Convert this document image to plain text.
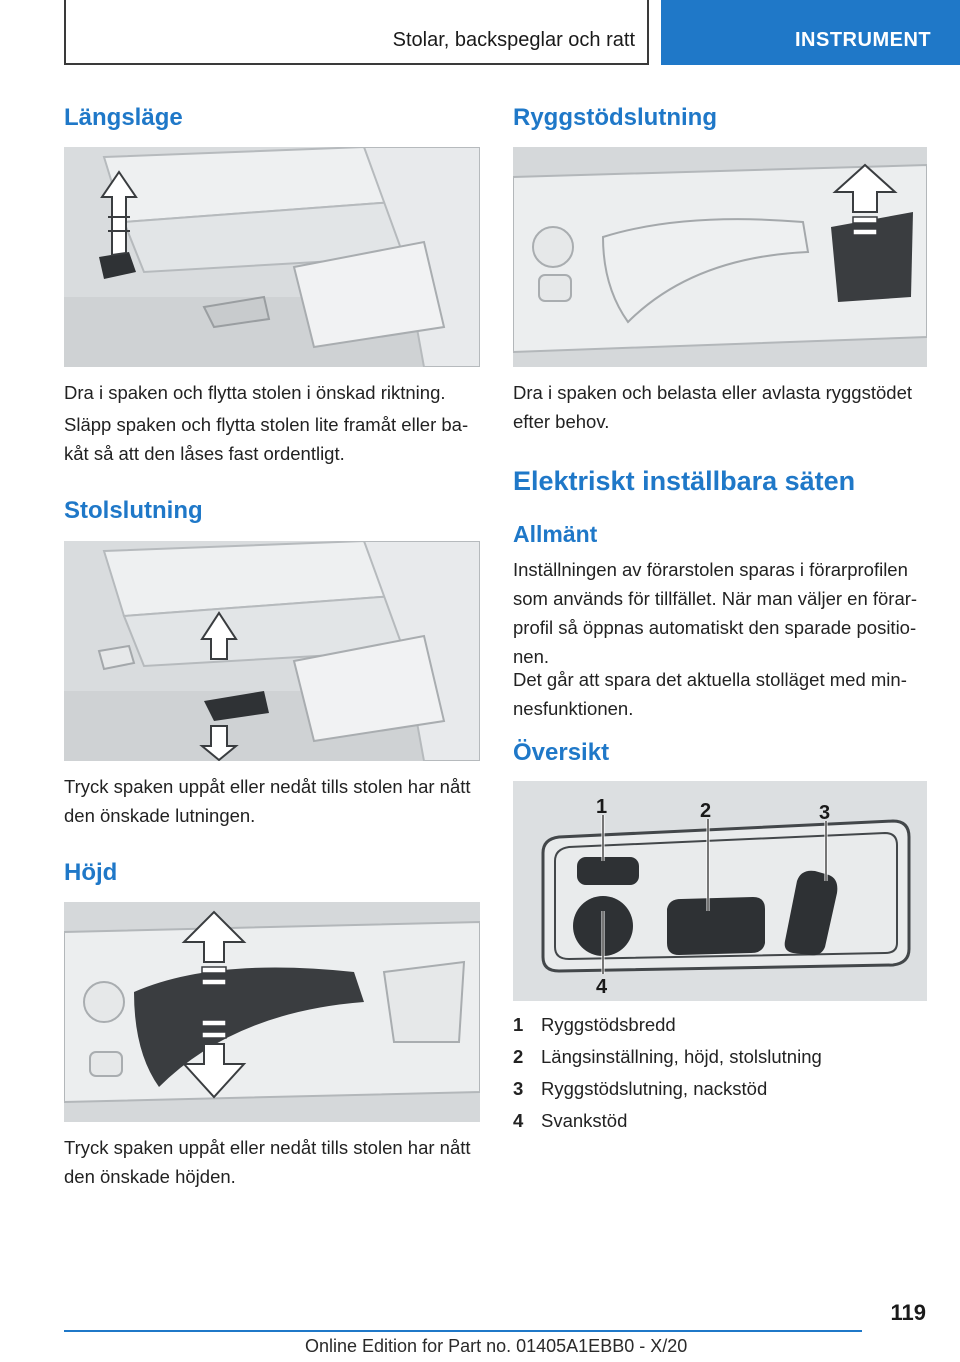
Stolar, backspeglar och ratt	INSTRUMENT
Längsläge
Dra i spaken och flytta stolen i önskad riktning.
Släpp spaken och flytta stolen lite framåt eller bakåt så att den låses fast ordentligt.
Stolslutning
Tryck spaken uppåt eller nedåt tills stolen har nått den önskade lutningen.
Höjd
Tryck spaken uppåt eller nedåt tills stolen har nått den önskade höjden.
Ryggstödslutning
Dra i spaken och belasta eller avlasta ryggstödet efter behov.
Elektriskt inställbara säten
Allmänt
Inställningen av förarstolen sparas i förarprofilen som används för tillfället. När man väljer en förarprofil så öppnas automatiskt den sparade positionen.
Det går att spara det aktuella stolläget med minnesfunktionen.
Översikt
1	2	3
4
1 Ryggstödsbredd
2 Längsinställning, höjd, stolslutning
3 Ryggstödslutning, nackstöd
4 Svankstöd
119
Online Edition for Part no. 01405A1EBB0 - X/20
